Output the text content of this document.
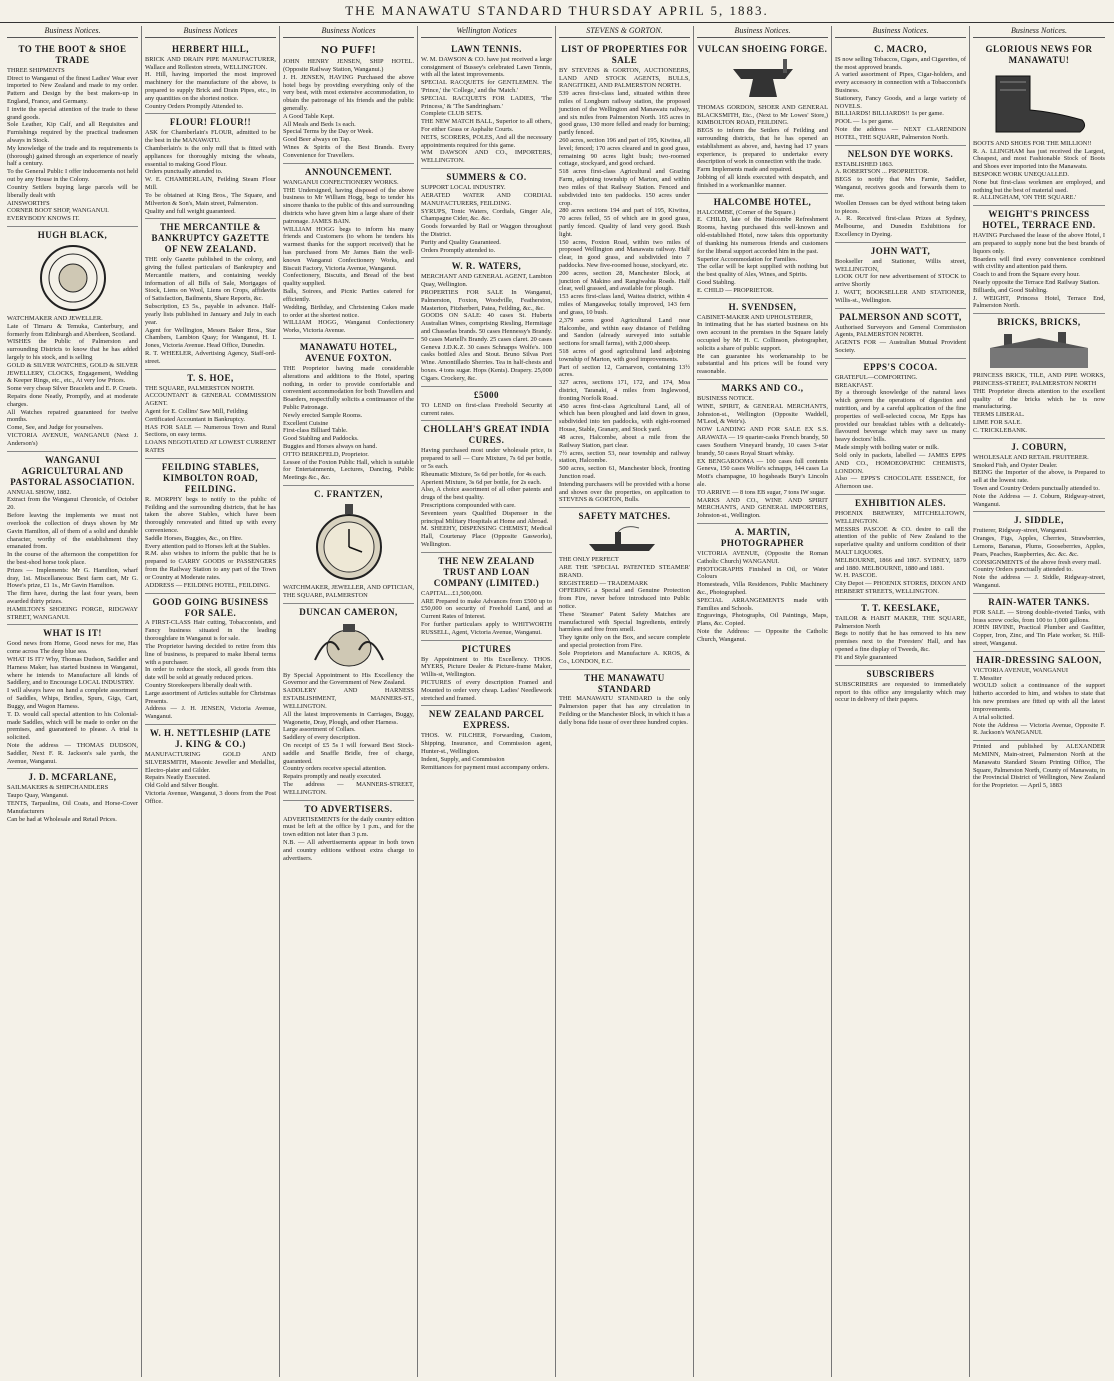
THE MANAWATU STANDARD THURSDAY APRIL 5, 1883.
Business Notices.
TO THE BOOT & SHOE TRADE

THREE SHIPMENTS

Direct to Wanganui of the finest Ladies' Wear ever imported to New Zealand and made to my order. Pattern and Design by the best makers-up in England, France, and Germany.

I invite the special attention of the trade to these grand goods.

Sole Leather, Kip Calf, and all Requisites and Furnishings required by the practical tradesmen always in Stock.

My knowledge of the trade and its requirements is (thorough) gained through an experience of nearly half a century.

To the General Public I offer inducements not held out by any House in the Colony.

Country Settlers buying large parcels will be liberally dealt with

AINSWORTH'S

CORNER BOOT SHOP, WANGANUI.

EVERYBODY KNOWS IT.

HUGH BLACK,

WATCHMAKER AND JEWELLER.

Late of Timaru & Temuka, Canterbury, and formerly from Edinburgh and Aberdeen, Scotland.

WISHES the Public of Palmerston and surrounding Districts to know that he has added largely to his stock, and is selling

GOLD & SILVER WATCHES, GOLD & SILVER JEWELLERY, CLOCKS, Engagement, Wedding & Keeper Rings, etc., etc., At very low Prices.

Some very cheap Silver Bracelets and E. P. Cruets.

Repairs done Neatly, Promptly, and at moderate charges.

All Watches repaired guaranteed for twelve months.

Come, See, and Judge for yourselves.

VICTORIA AVENUE, WANGANUI (Next J. Anderson's)

WANGANUI AGRICULTURAL AND PASTORAL ASSOCIATION.

ANNUAL SHOW, 1882.

Extract from the Wanganui Chronicle, of October 20.

Before leaving the implements we must not overlook the collection of drays shown by Mr Gavin Hamilton, all of them of a solid and durable character, worthy of the establishment they emanated from.

In the course of the afternoon the competition for the best-shod horse took place.

Prizes — Implements: Mr G. Hamilton, wharf dray, 1st. Miscellaneous: Best farm cart, Mr G. Howe's prize, £1 1s., Mr Gavin Hamilton.

The firm have, during the last four years, been awarded thirty prizes.

HAMILTON'S SHOEING FORGE, RIDGWAY STREET, WANGANUI.

WHAT IS IT!

Good news from Home, Good news for me, Has come across The deep blue sea.

WHAT IS IT? Why, Thomas Dudson, Saddler and Harness Maker, has started business in Wanganui, where he intends to Manufacture all kinds of Saddlery, and to Encourage LOCAL INDUSTRY.

I will always have on hand a complete assortment of Saddles, Whips, Bridles, Spurs, Gigs, Cart, Buggy, and Wagon Harness.

T. D. would call special attention to his Colonial-made Saddles, which will be made to order on the premises, and guaranteed to please. A trial is solicited.

Note the address — THOMAS DUDSON, Saddler, Next F. R. Jackson's sale yards, the Avenue, Wanganui.

J. D. MCFARLANE,

SAILMAKERS & SHIPCHANDLERS

Taupo Quay, Wanganui.

TENTS, Tarpaulins, Oil Coats, and Horse-Cover Manufacturers

Can be had at Wholesale and Retail Prices.

Business Notices
HERBERT HILL,

BRICK AND DRAIN PIPE MANUFACTURER, Wallace and Rolleston streets, WELLINGTON.

H. Hill, having imported the most improved machinery for the manufacture of the above, is prepared to supply Brick and Drain Pipes, etc., in any quantities on the shortest notice.

Country Orders Promptly Attended to.

FLOUR! FLOUR!!

ASK for Chamberlain's FLOUR, admitted to be the best in the MANAWATU.

Chamberlain's is the only mill that is fitted with appliances for thoroughly mixing the wheats, essential to making Good Flour.

Orders punctually attended to.

W. E. CHAMBERLAIN, Feilding Steam Flour Mill.

To be obtained at King Bros., The Square, and Milverton & Son's, Main street, Palmerston.

Quality and full weight guaranteed.

THE MERCANTILE & BANKRUPTCY GAZETTE OF NEW ZEALAND.

THE only Gazette published in the colony, and giving the fullest particulars of Bankruptcy and Mercantile matters, and containing weekly information of all Bills of Sale, Mortgages of Stock, Liens on Wool, Liens on Crops, affidavits of Satisfaction, Bailments, Share Reports, &c.

Subscription, £3 5s., payable in advance. Half-yearly lists published in January and July in each year.

Agent for Wellington, Messrs Baker Bros., Star Chambers, Lambton Quay; for Wanganui, H. I. Jones, Victoria Avenue. Head Office, Dunedin.

R. T. WHEELER, Advertising Agency, Staff-ord-street.

T. S. HOE,

THE SQUARE, PALMERSTON NORTH.

ACCOUNTANT & GENERAL COMMISSION AGENT.

Agent for E. Collins' Saw Mill, Feilding

Certificated Accountant in Bankruptcy.

HAS FOR SALE — Numerous Town and Rural Sections, on easy terms.

LOANS NEGOTIATED AT LOWEST CURRENT RATES

FEILDING STABLES, KIMBOLTON ROAD, FEILDING.

R. MORPHY begs to notify to the public of Feilding and the surrounding districts, that he has taken the above Stables, which have been thoroughly renovated and fitted up with every convenience.

Saddle Horses, Buggies, &c., on Hire.

Every attention paid to Horses left at the Stables.

R.M. also wishes to inform the public that he is prepared to CARRY GOODS or PASSENGERS from the Railway Station to any part of the Town or Country at Moderate rates.

ADDRESS — FEILDING HOTEL, FEILDING.

GOOD GOING BUSINESS FOR SALE.

A FIRST-CLASS Hair cutting, Tobacconists, and Fancy business situated in the leading thoroughfare in Wanganui is for sale.

The Proprietor having decided to retire from this line of business, is prepared to make liberal terms with a purchaser.

In order to reduce the stock, all goods from this date will be sold at greatly reduced prices.

Country Storekeepers liberally dealt with.

Large assortment of Articles suitable for Christmas Presents.

Address — J. H. JENSEN, Victoria Avenue, Wanganui.

W. H. NETTLESHIP (LATE J. KING & CO.)

MANUFACTURING GOLD AND SILVERSMITH, Masonic Jeweller and Medallist, Electro-plater and Gilder.

Repairs Neatly Executed.

Old Gold and Silver Bought.

Victoria Avenue, Wanganui, 3 doors from the Post Office.

Business Notices
NO PUFF!

JOHN HENRY JENSEN, SHIP HOTEL. (Opposite Railway Station, Wanganui.)

J. H. JENSEN, HAVING Purchased the above hotel begs by providing everything only of the very best, with most extensive accommodation, to obtain the patronage of his friends and the public generally.

A Good Table Kept.

All Meals and Beds 1s each.

Special Terms by the Day or Week.

Good Beer always on Tap.

Wines & Spirits of the Best Brands. Every Convenience for Travellers.

ANNOUNCEMENT.

WANGANUI CONFECTIONERY WORKS.

THE Undersigned, having disposed of the above business to Mr William Hogg, begs to tender his sincere thanks to the public of this and surrounding districts who have given him a large share of their patronage. JAMES BAIN.

WILLIAM HOGG begs to inform his many friends and Customers (to whom he tenders his warmest thanks for the support received) that he has purchased from Mr James Bain the well-known Wanganui Confectionery Works, and Biscuit Factory, Victoria Avenue, Wanganui.

Confectionery, Biscuits, and Bread of the best quality supplied.

Balls, Soirees, and Picnic Parties catered for efficiently.

Wedding, Birthday, and Christening Cakes made to order at the shortest notice.

WILLIAM HOGG, Wanganui Confectionery Works, Victoria Avenue.

MANAWATU HOTEL, AVENUE FOXTON.

THE Proprietor having made considerable alterations and additions to the Hotel, sparing nothing, in order to provide comfortable and convenient accommodation for both Travellers and Boarders, respectfully solicits a continuance of the Public Patronage.

Newly erected Sample Rooms.

Excellent Cuisine

First-class Billiard Table.

Good Stabling and Paddocks.

Buggies and Horses always on hand.

OTTO BERKEFELD, Proprietor.

Lessee of the Foxton Public Hall, which is suitable for Entertainments, Lectures, Dancing, Public Meetings &c., &c.

C. FRANTZEN,

WATCHMAKER, JEWELLER, AND OPTICIAN, THE SQUARE, PALMERSTON

DUNCAN CAMERON,

By Special Appointment to His Excellency the Governor and the Government of New Zealand.

SADDLERY AND HARNESS ESTABLISHMENT, MANNERS-ST., WELLINGTON.

All the latest improvements in Carriages, Buggy, Wagonette, Dray, Plough, and other Harness.

Large assortment of Collars.

Saddlery of every description.

On receipt of £5 5s I will forward Best Stock-saddle and Snaffle Bridle, free of charge, guaranteed.

Country orders receive special attention.

Repairs promptly and neatly executed.

The address — MANNERS-STREET, WELLINGTON.

TO ADVERTISERS.

ADVERTISEMENTS for the daily country edition must be left at the office by 1 p.m., and for the town edition not later than 3 p.m.

N.B. — All advertisements appear in both town and country editions without extra charge to advertisers.

Wellington Notices
LAWN TENNIS.

W. M. DAWSON & CO. have just received a large consignment of Bussey's celebrated Lawn Tennis, with all the latest improvements.

SPECIAL RACQUETS for GENTLEMEN. The 'Prince,' the 'College,' and the 'Match.'

SPECIAL RACQUETS FOR LADIES, 'The Princess,' & 'The Sandringham.'

Complete CLUB SETS.

THE NEW MATCH BALL, Superior to all others, For either Grass or Asphalte Courts.

NETS, SCORERS, POLES, And all the necessary appointments required for this game.

WM DAWSON AND CO., IMPORTERS, WELLINGTON.

SUMMERS & CO.

SUPPORT LOCAL INDUSTRY.

AERATED WATER AND CORDIAL MANUFACTURERS, FEILDING.

SYRUPS, Tonic Waters, Cordials, Ginger Ale, Champagne Cider, &c. &c.

Goods forwarded by Rail or Waggon throughout the District.

Purity and Quality Guaranteed.

Orders Promptly attended to.

W. R. WATERS,

MERCHANT AND GENERAL AGENT, Lambton Quay, Wellington.

PROPERTIES FOR SALE In Wanganui, Palmerston, Foxton, Woodville, Featherston, Masterton, Fitzherbert, Patea, Feilding, &c., &c.

GOODS ON SALE: 40 cases St. Huberts Australian Wines, comprising Riesling, Hermitage and Chasselas brands. 50 cases Hennessy's Brandy. 50 cases Martell's Brandy. 25 cases claret. 20 cases Geneva J.D.K.Z. 30 cases Schnapps Wolfe's. 100 casks bottled Ales and Stout. Bruno Silvas Port Wine. Amontillado Sherries. Tea in half-chests and boxes. 4 tons sugar. Hops (Kents). Drapery. 25,000 Cigars. Crockery, &c.

£5000

TO LEND on first-class Freehold Security at current rates.

CHOLLAH'S GREAT INDIA CURES.

Having purchased most under wholesale price, is prepared to sell — Cure Mixture, 7s 6d per bottle, or 5s each.

Rheumatic Mixture, 5s 6d per bottle, for 4s each.

Aperient Mixture, 3s 6d per bottle, for 2s each.

Also, A choice assortment of all other patents and drugs of the best quality.

Prescriptions compounded with care.

Seventeen years Qualified Dispenser in the principal Military Hospitals at Home and Abroad.

M. SHEEHY, DISPENSING CHEMIST, Medical Hall, Courtenay Place (Opposite Gasworks), Wellington.

THE NEW ZEALAND TRUST AND LOAN COMPANY (LIMITED.)

CAPITAL...£1,500,000.

ARE Prepared to make Advances from £500 up to £50,000 on security of Freehold Land, and at Current Rates of Interest.

For further particulars apply to WHITWORTH RUSSELL, Agent, Victoria Avenue, Wanganui.

PICTURES

By Appointment to His Excellency. THOS. MYERS, Picture Dealer & Picture-frame Maker, Willis-st, Wellington.

PICTURES of every description Framed and Mounted to order very cheap. Ladies' Needlework stretched and framed.

NEW ZEALAND PARCEL EXPRESS.

THOS. W. FILCHER, Forwarding, Custom, Shipping, Insurance, and Commission agent, Hunter-st., Wellington.

Indent, Supply, and Commission

Remittances for payment must accompany orders.

STEVENS & GORTON.
LIST OF PROPERTIES FOR SALE

BY STEVENS & GORTON, AUCTIONEERS, LAND AND STOCK AGENTS, BULLS, RANGITIKEI, AND PALMERSTON NORTH.

539 acres first-class land, situated within three miles of Longburn railway station, the proposed junction of the Wellington and Manawatu railway, and six miles from Palmerston North. 165 acres in good grass, 130 more felled and ready for burning; partly fenced.

260 acres, section 196 and part of 195, Kiwitea, all level; fenced; 170 acres cleared and in good grass, remaining 90 acres light bush; two-roomed cottage, stockyard, and good orchard.

518 acres first-class Agricultural and Grazing Farm, adjoining township of Marton, and within two miles of that Railway Station. Fenced and subdivided into ten paddocks. 150 acres under crop.

280 acres sections 194 and part of 195, Kiwitea, 70 acres felled, 55 of which are in good grass, partly fenced. Quality of land very good. Bush light.

150 acres, Foxton Road, within two miles of proposed Wellington and Manawatu railway. Half clear, in good grass, and subdivided into 7 paddocks. New five-roomed house, stockyard, etc.

200 acres, section 28, Manchester Block, at junction of Makino and Rangiwahia Roads. Half clear, well grassed, and available for plough.

153 acres first-class land, Waitea district, within 4 miles of Mangaweka; totally improved, 143 fern and grass, 10 bush.

2,379 acres good Agricultural Land near Halcombe, and within easy distance of Feilding and Sandon (already surveyed into suitable sections for small farms), with 2,000 sheep.

518 acres of good agricultural land adjoining township of Marton, with good improvements.

Part of section 12, Carnarvon, containing 13½ acres.

327 acres, sections 171, 172, and 174, Moa district, Taranaki, 4 miles from Inglewood, fronting Norfolk Road.

450 acres first-class Agricultural Land, all of which has been ploughed and laid down in grass, subdivided into ten paddocks, with eight-roomed House, Stable, Granary, and Stock yard.

48 acres, Halcombe, about a mile from the Railway Station, part clear.

7½ acres, section 53, near township and railway station, Halcombe.

500 acres, section 61, Manchester block, fronting Junction road.

Intending purchasers will be provided with a horse and shown over the properties, on application to STEVENS & GORTON, Bulls.

SAFETY MATCHES.

THE ONLY PERFECT

ARE THE 'SPECIAL PATENTED STEAMER' BRAND.

REGISTERED — TRADEMARK

OFFERING a Special and Genuine Protection from Fire, never before introduced into Public notice.

These 'Steamer' Patent Safety Matches are manufactured with Special Ingredients, entirely harmless and free from smell.

They ignite only on the Box, and secure complete and special protection from Fire.

Sole Proprietors and Manufacture A. KROS, & Co., LONDON, E.C.

THE MANAWATU STANDARD

THE MANAWATU STANDARD is the only Palmerston paper that has any circulation in Feilding or the Manchester Block, in which it has a daily bona fide issue of over three hundred copies.

Business Notices.
VULCAN SHOEING FORGE.

THOMAS GORDON, SHOER AND GENERAL BLACKSMITH, Etc., (Next to Mr Lowes' Store,) KIMBOLTON ROAD, FEILDING.

BEGS to inform the Settlers of Feilding and surrounding districts, that he has opened an establishment as above, and, having had 17 years experience, is prepared to undertake every description of work in connection with the trade.

Farm Implements made and repaired.

Jobbing of all kinds executed with despatch, and finished in a workmanlike manner.

HALCOMBE HOTEL,

HALCOMBE, (Corner of the Square.)

E. CHILD, late of the Halcombe Refreshment Rooms, having purchased this well-known and old-established Hotel, now takes this opportunity of thanking his numerous friends and customers for the liberal support accorded him in the past.

Superior Accommodation for Families.

The cellar will be kept supplied with nothing but the best quality of Ales, Wines, and Spirits.

Good Stabling.

E. CHILD — PROPRIETOR.

H. SVENDSEN,

CABINET-MAKER AND UPHOLSTERER,

In intimating that he has started business on his own account in the premises in the Square lately occupied by Mr H. C. Collinson, photographer, solicits a share of public support.

He can guarantee his workmanship to be substantial and his prices will be found very reasonable.

MARKS AND CO.,

BUSINESS NOTICE.

WINE, SPIRIT, & GENERAL MERCHANTS, Johnston-st., Wellington (Opposite Waddell, M'Leod, & Weir's).

NOW LANDING AND FOR SALE EX S.S. ARAWATA — 19 quarter-casks French brandy, 50 cases Southern Vineyard brandy, 10 cases 3-star brandy, 50 cases Royal Stuart whisky.

EX BENGAROOMA — 100 cases full contents Geneva, 150 cases Wolfe's schnapps, 144 cases La Mott's champagne, 10 hogsheads Bury's Lincoln ale.

TO ARRIVE — 8 tons EB sugar, 7 tons IW sugar.

MARKS AND CO., WINE AND SPIRIT MERCHANTS, AND GENERAL IMPORTERS, Johnston-st., Wellington.

A. MARTIN, PHOTOGRAPHER

VICTORIA AVENUE, (Opposite the Roman Catholic Church) WANGANUI.

PHOTOGRAPHS Finished in Oil, or Water Colours

Homesteads, Villa Residences, Public Machinery &c., Photographed.

SPECIAL ARRANGEMENTS made with Families and Schools.

Engravings, Photographs, Oil Paintings, Maps, Plans, &c. Copied.

Note the Address: — Opposite the Catholic Church, Wanganui.

Business Notices.
C. MACRO,

IS now selling Tobaccos, Cigars, and Cigarettes, of the most approved brands.

A varied assortment of Pipes, Cigar-holders, and every accessory in connection with a Tobacconist's Business.

Stationery, Fancy Goods, and a large variety of NOVELS.

BILLIARDS! BILLIARDS!! 1s per game.

POOL — 1s per game.

Note the address — NEXT CLARENDON HOTEL, THE SQUARE, Palmerston North.

NELSON DYE WORKS.

ESTABLISHED 1863.

A. ROBERTSON ... PROPRIETOR.

BEGS to notify that Mrs Farnie, Saddler, Wanganui, receives goods and forwards them to me.

Woollen Dresses can be dyed without being taken to pieces.

A. R. Received first-class Prizes at Sydney, Melbourne, and Dunedin Exhibitions for Excellency in Dyeing.

JOHN WATT,

Bookseller and Stationer, Willis street, WELLINGTON,

LOOK OUT for new advertisement of STOCK to arrive Shortly

J. WATT, BOOKSELLER AND STATIONER, Willis-st., Wellington.

PALMERSON AND SCOTT,

Authorised Surveyors and General Commission Agents, PALMERSTON NORTH.

AGENTS FOR — Australian Mutual Provident Society.

EPPS'S COCOA.

GRATEFUL—COMFORTING.

BREAKFAST.

By a thorough knowledge of the natural laws which govern the operations of digestion and nutrition, and by a careful application of the fine properties of well-selected cocoa, Mr Epps has provided our breakfast tables with a delicately-flavoured beverage which may save us many heavy doctors' bills.

Made simply with boiling water or milk.

Sold only in packets, labelled — JAMES EPPS AND CO., HOMOEOPATHIC CHEMISTS, LONDON.

Also — EPPS'S CHOCOLATE ESSENCE, for Afternoon use.

EXHIBITION ALES.

PHOENIX BREWERY, MITCHELLTOWN, WELLINGTON.

MESSRS PASCOE & CO. desire to call the attention of the public of New Zealand to the superlative quality and uniform condition of their MALT LIQUORS.

MELBOURNE, 1866 and 1867. SYDNEY, 1879 and 1880. MELBOURNE, 1880 and 1881.

W. H. PASCOE.

City Depot — PHOENIX STORES, DIXON AND HERBERT STREETS, WELLINGTON.

T. T. KEESLAKE,

TAILOR & HABIT MAKER, THE SQUARE, Palmerston North

Begs to notify that he has removed to his new premises next to the Foresters' Hall, and has opened a fine display of Tweeds, &c.

Fit and Style guaranteed

SUBSCRIBERS

SUBSCRIBERS are requested to immediately report to this office any irregularity which may occur in delivery of their papers.

Business Notices.
GLORIOUS NEWS FOR MANAWATU!

BOOTS AND SHOES FOR THE MILLION!!

R. A. LLINGHAM has just received the Largest, Cheapest, and most Fashionable Stock of Boots and Shoes ever imported into the Manawatu.

BESPOKE WORK UNEQUALLED.

None but first-class workmen are employed, and nothing but the best of material used.

R. ALLINGHAM, 'ON THE SQUARE.'

WEIGHT'S PRINCESS HOTEL, TERRACE END.

HAVING Purchased the lease of the above Hotel, I am prepared to supply none but the best brands of liquors only.

Boarders will find every convenience combined with civility and attention paid them.

Coach to and from the Square every hour.

Nearly opposite the Terrace End Railway Station.

Billiards, and Good Stabling.

J. WEIGHT, Princess Hotel, Terrace End, Palmerston North.

BRICKS, BRICKS,

PRINCESS BRICK, TILE, AND PIPE WORKS, PRINCESS-STREET, PALMERSTON NORTH

THE Proprietor directs attention to the excellent quality of the bricks which he is now manufacturing.

TERMS LIBERAL.

LIME FOR SALE.

C. TRICKLEBANK.

J. COBURN,

WHOLESALE AND RETAIL FRUITERER.

Smoked Fish, and Oyster Dealer.

BEING the Importer of the above, is Prepared to sell at the lowest rate.

Town and Country Orders punctually attended to.

Note the Address — J. Coburn, Ridgway-street, Wanganui.

J. SIDDLE,

Fruiterer, Ridgway-street, Wanganui.

Oranges, Figs, Apples, Cherries, Strawberries, Lemons, Bananas, Plums, Gooseberries, Apples, Pears, Peaches, Raspberries, &c. &c. &c.

CONSIGNMENTS of the above fresh every mail.

Country Orders punctually attended to.

Note the address — J. Siddle, Ridgway-street, Wanganui.

RAIN-WATER TANKS.

FOR SALE. — Strong double-riveted Tanks, with brass screw cocks, from 100 to 1,000 gallons.

JOHN IRVINE, Practical Plumber and Gasfitter, Copper, Iron, Zinc, and Tin Plate worker, St. Hill-street, Wanganui.

HAIR-DRESSING SALOON,

VICTORIA AVENUE, WANGANUI

T. Messiter

WOULD solicit a continuance of the support hitherto accorded to him, and wishes to state that his new premises are fitted up with all the latest improvements.

A trial solicited.

Note the Address — Victoria Avenue, Opposite F. R. Jackson's WANGANUI.

Printed and published by ALEXANDER McMINN, Main-street, Palmerston North at the Manawatu Standard Steam Printing Office, The Square, Palmerston North, County of Manawatu, in the Provincial District of Wellington, New Zealand for the Proprietor. — April 5, 1883
